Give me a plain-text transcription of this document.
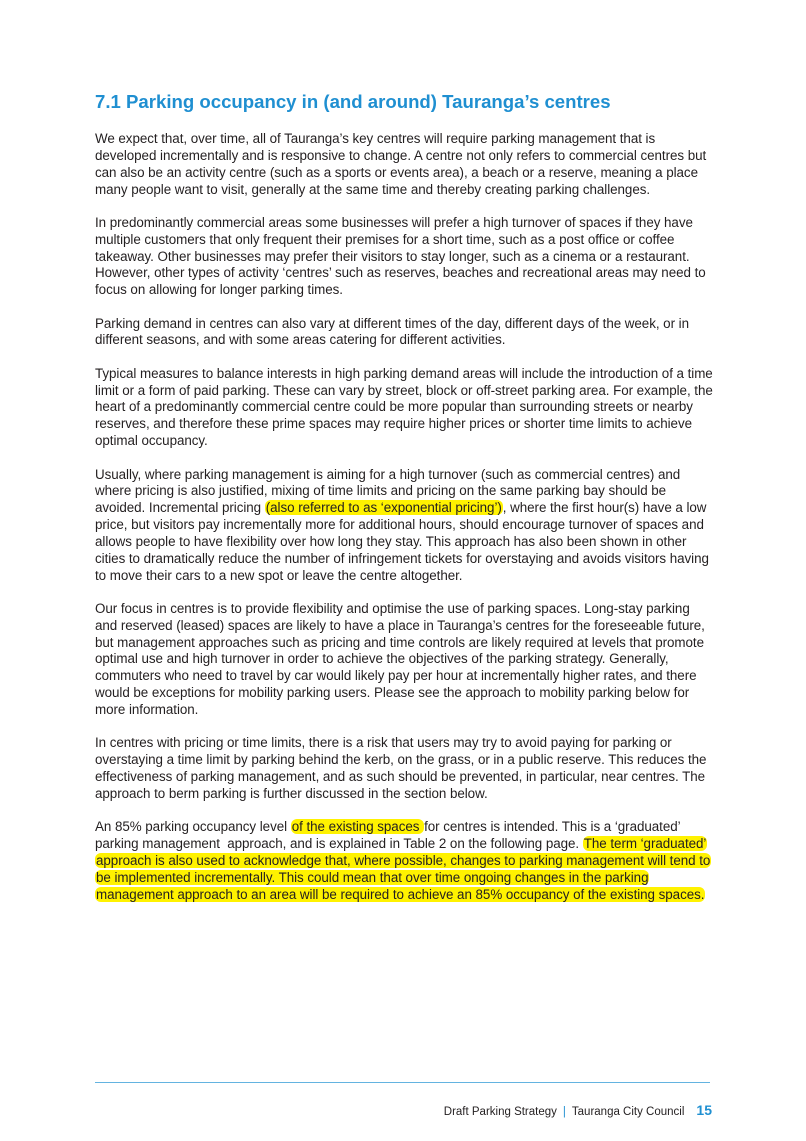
7.1 Parking occupancy in (and around) Tauranga’s centres

We expect that, over time, all of Tauranga’s key centres will require parking management that is developed incrementally and is responsive to change. A centre not only refers to commercial centres but can also be an activity centre (such as a sports or events area), a beach or a reserve, meaning a place many people want to visit, generally at the same time and thereby creating parking challenges.

In predominantly commercial areas some businesses will prefer a high turnover of spaces if they have multiple customers that only frequent their premises for a short time, such as a post office or coffee takeaway. Other businesses may prefer their visitors to stay longer, such as a cinema or a restaurant. However, other types of activity ‘centres’ such as reserves, beaches and recreational areas may need to focus on allowing for longer parking times.

Parking demand in centres can also vary at different times of the day, different days of the week, or in different seasons, and with some areas catering for different activities.

Typical measures to balance interests in high parking demand areas will include the introduction of a time limit or a form of paid parking. These can vary by street, block or off-street parking area. For example, the heart of a predominantly commercial centre could be more popular than surrounding streets or nearby reserves, and therefore these prime spaces may require higher prices or shorter time limits to achieve optimal occupancy.

Usually, where parking management is aiming for a high turnover (such as commercial centres) and where pricing is also justified, mixing of time limits and pricing on the same parking bay should be avoided. Incremental pricing (also referred to as ‘exponential pricing’), where the first hour(s) have a low price, but visitors pay incrementally more for additional hours, should encourage turnover of spaces and allows people to have flexibility over how long they stay. This approach has also been shown in other cities to dramatically reduce the number of infringement tickets for overstaying and avoids visitors having to move their cars to a new spot or leave the centre altogether.

Our focus in centres is to provide flexibility and optimise the use of parking spaces. Long-stay parking and reserved (leased) spaces are likely to have a place in Tauranga’s centres for the foreseeable future, but management approaches such as pricing and time controls are likely required at levels that promote optimal use and high turnover in order to achieve the objectives of the parking strategy. Generally, commuters who need to travel by car would likely pay per hour at incrementally higher rates, and there would be exceptions for mobility parking users. Please see the approach to mobility parking below for more information.

In centres with pricing or time limits, there is a risk that users may try to avoid paying for parking or overstaying a time limit by parking behind the kerb, on the grass, or in a public reserve. This reduces the effectiveness of parking management, and as such should be prevented, in particular, near centres. The approach to berm parking is further discussed in the section below.

An 85% parking occupancy level of the existing spaces for centres is intended. This is a ‘graduated’ parking management  approach, and is explained in Table 2 on the following page. The term ‘graduated’ approach is also used to acknowledge that, where possible, changes to parking management will tend to be implemented incrementally. This could mean that over time ongoing changes in the parking management approach to an area will be required to achieve an 85% occupancy of the existing spaces.

Draft Parking Strategy | Tauranga City Council 15
